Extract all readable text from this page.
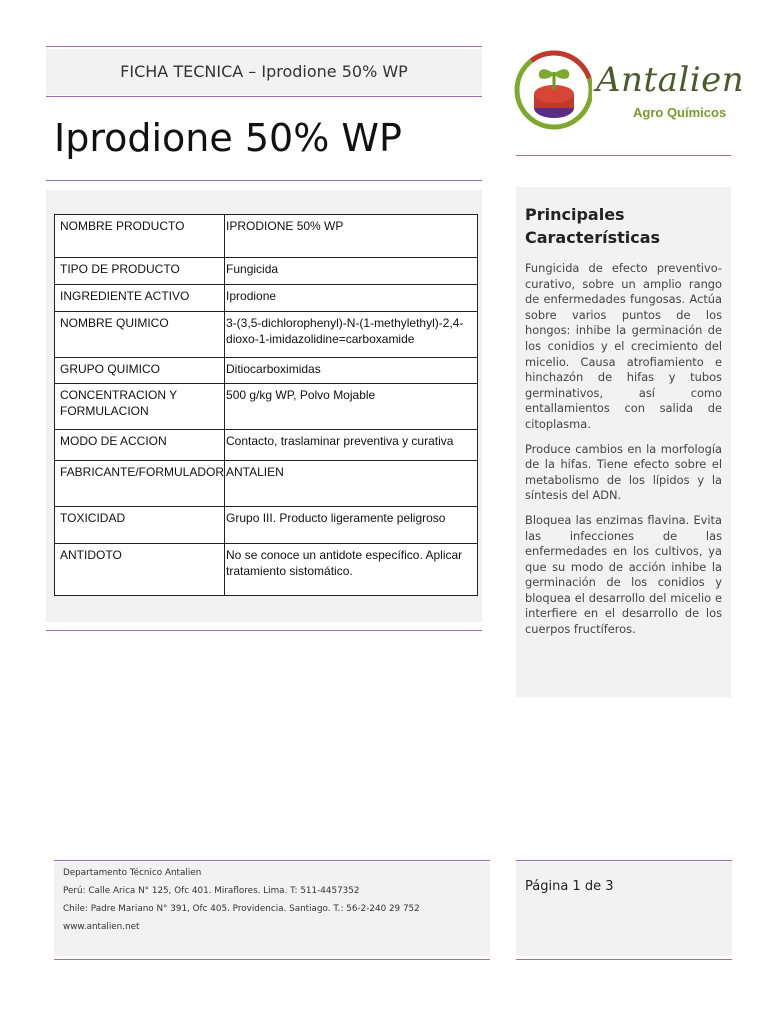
FICHA TECNICA – Iprodione 50% WP
Iprodione 50% WP
Antalien
Agro Químicos
NOMBRE PRODUCTO	IPRODIONE 50% WP
TIPO DE PRODUCTO	Fungicida
INGREDIENTE ACTIVO	Iprodione
NOMBRE QUIMICO	3-(3,5-dichlorophenyl)-N-(1-methylethyl)-2,4-dioxo-1-imidazolidine=carboxamide
GRUPO QUIMICO	Ditiocarboximidas
CONCENTRACION Y FORMULACION	500 g/kg WP, Polvo Mojable
MODO DE ACCION	Contacto, traslaminar preventiva y curativa
FABRICANTE/FORMULADOR	ANTALIEN
TOXICIDAD	Grupo III. Producto ligeramente peligroso
ANTIDOTO	No se conoce un antidote específico. Aplicar tratamiento sistomático.
Principales Características

Fungicida de efecto preventivo-curativo, sobre un amplio rango de enfermedades fungosas. Actúa sobre varios puntos de los hongos: inhibe la germinación de los conidios y el crecimiento del micelio. Causa atrofiamiento e hinchazón de hifas y tubos germinativos, así como entallamientos con salida de citoplasma.

Produce cambios en la morfología de la hifas. Tiene efecto sobre el metabolismo de los lípidos y la síntesis del ADN.

Bloquea las enzimas flavina. Evita las infecciones de las enfermedades en los cultivos, ya que su modo de acción inhibe la germinación de los conidios y bloquea el desarrollo del micelio e interfiere en el desarrollo de los cuerpos fructíferos.

Departamento Técnico Antalien
Perú: Calle Arica N° 125, Ofc 401. Miraflores. Lima. T: 511-4457352
Chile: Padre Mariano N° 391, Ofc 405. Providencia. Santiago. T.: 56-2-240 29 752
www.antalien.net
Página 1 de 3
